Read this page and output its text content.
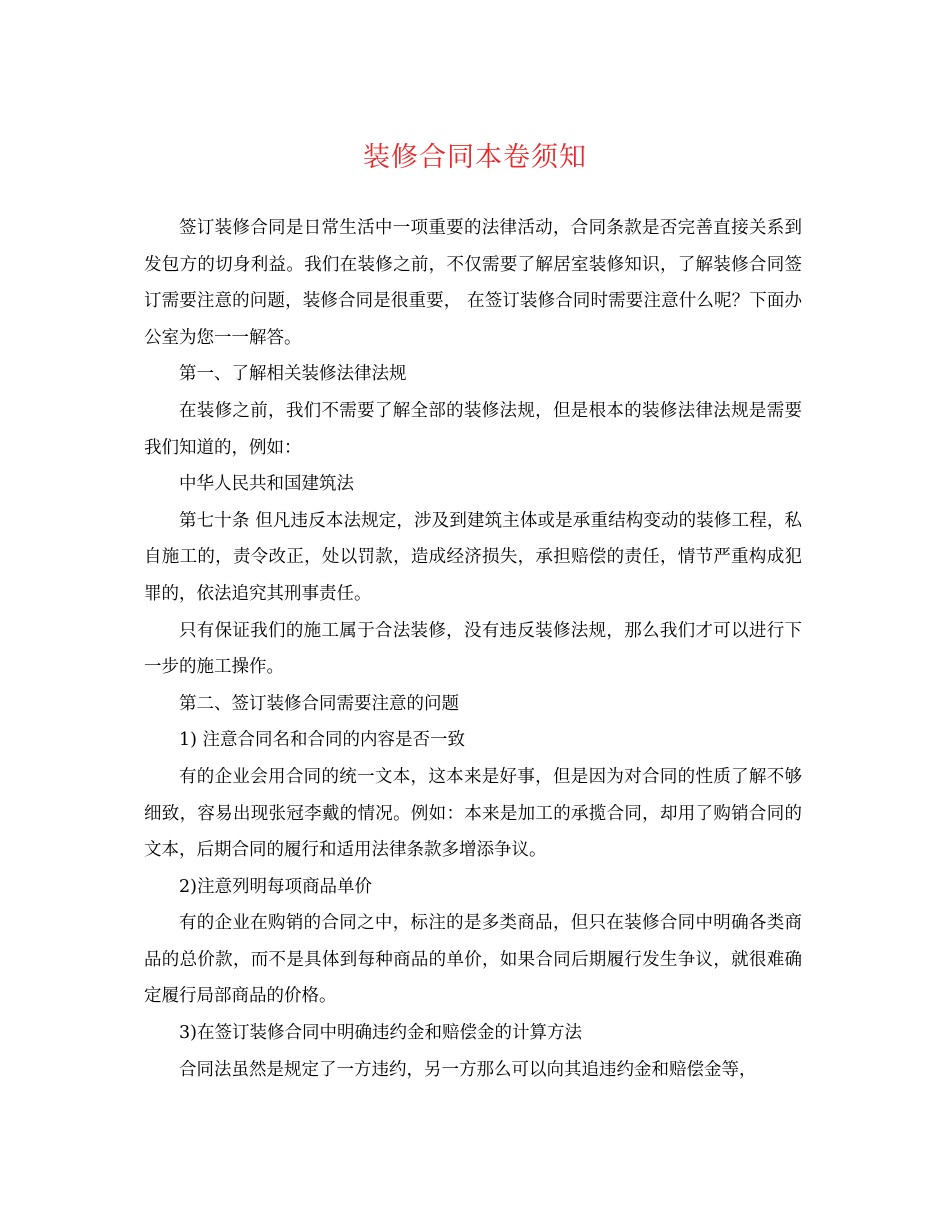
装修合同本卷须知

签订装修合同是日常生活中一项重要的法律活动，合同条款是否完善直接关系到发包方的切身利益。我们在装修之前，不仅需要了解居室装修知识，了解装修合同签订需要注意的问题，装修合同是很重要， 在签订装修合同时需要注意什么呢？下面办公室为您一一解答。

第一、了解相关装修法律法规

在装修之前，我们不需要了解全部的装修法规，但是根本的装修法律法规是需要我们知道的，例如：

中华人民共和国建筑法

第七十条 但凡违反本法规定，涉及到建筑主体或是承重结构变动的装修工程，私自施工的，责令改正，处以罚款，造成经济损失，承担赔偿的责任，情节严重构成犯罪的，依法追究其刑事责任。

只有保证我们的施工属于合法装修，没有违反装修法规，那么我们才可以进行下一步的施工操作。

第二、签订装修合同需要注意的问题

1) 注意合同名和合同的内容是否一致

有的企业会用合同的统一文本，这本来是好事，但是因为对合同的性质了解不够细致，容易出现张冠李戴的情况。例如：本来是加工的承揽合同，却用了购销合同的文本，后期合同的履行和适用法律条款多增添争议。

2)注意列明每项商品单价

有的企业在购销的合同之中，标注的是多类商品，但只在装修合同中明确各类商品的总价款，而不是具体到每种商品的单价，如果合同后期履行发生争议，就很难确定履行局部商品的价格。

3)在签订装修合同中明确违约金和赔偿金的计算方法

合同法虽然是规定了一方违约，另一方那么可以向其追违约金和赔偿金等，
